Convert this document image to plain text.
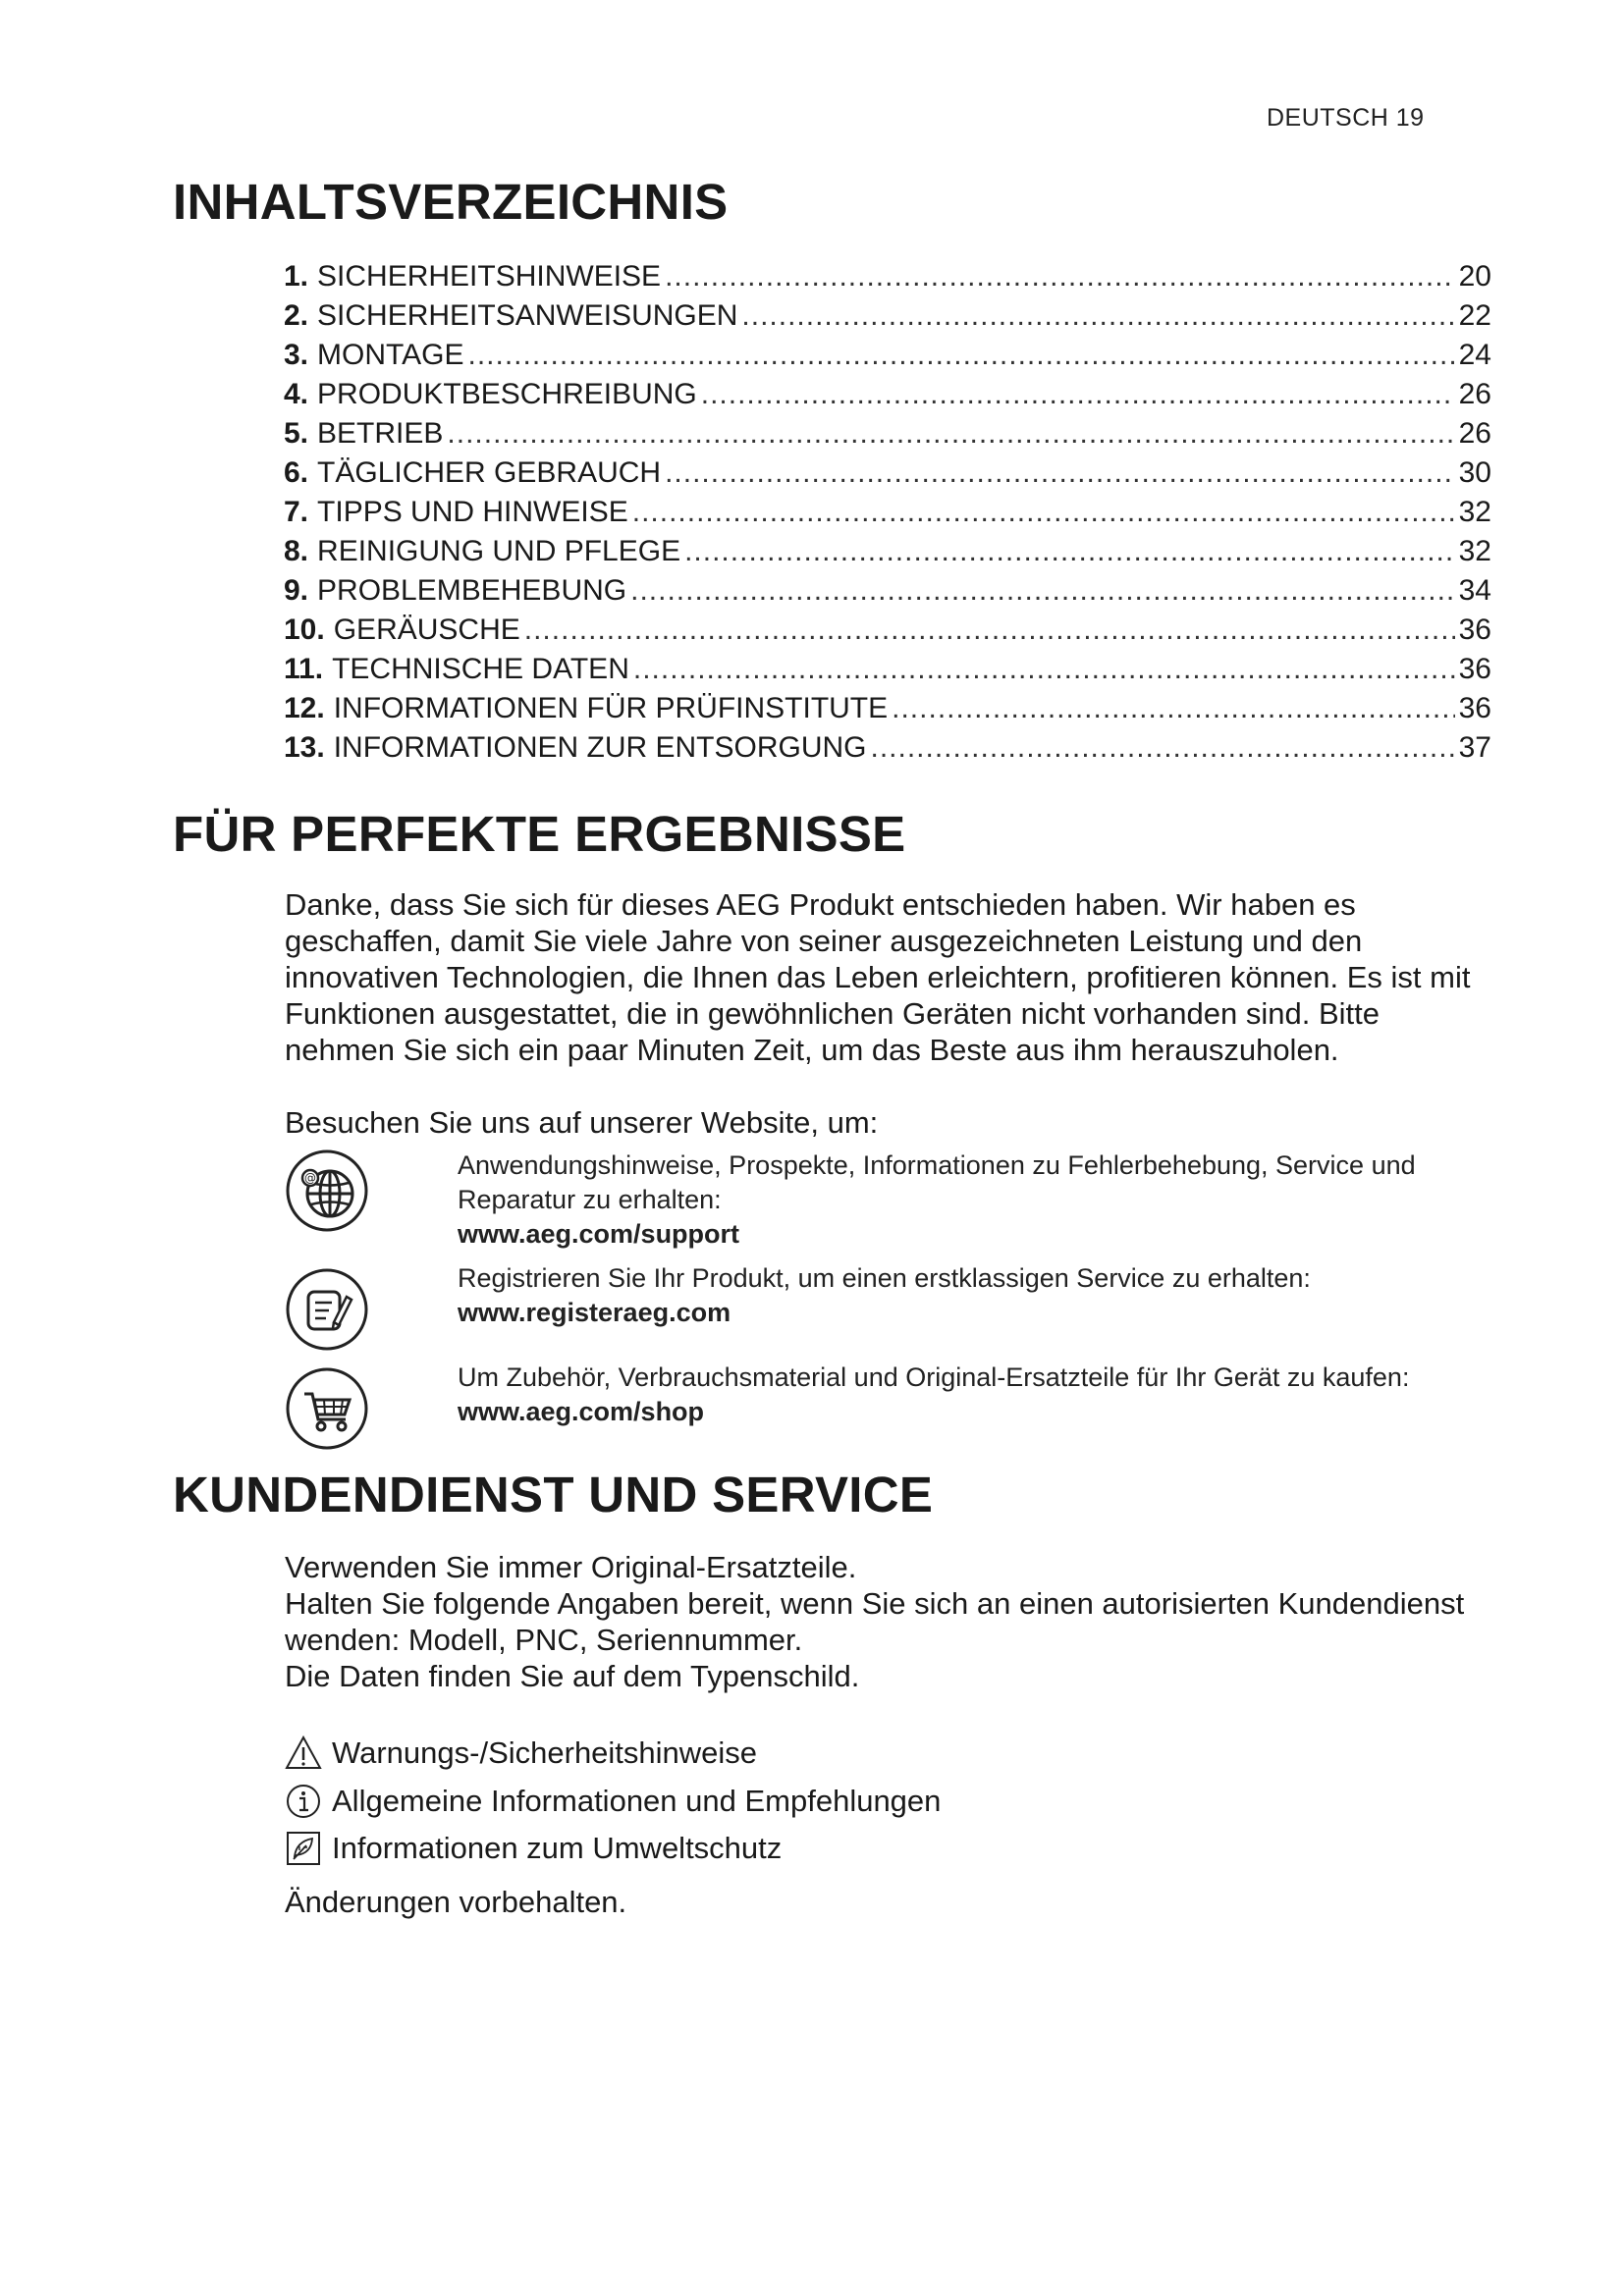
DEUTSCH 19
INHALTSVERZEICHNIS
1. SICHERHEITSHINWEISE .....	20
2. SICHERHEITSANWEISUNGEN .....	22
3. MONTAGE .....	24
4. PRODUKTBESCHREIBUNG .....	26
5. BETRIEB .....	26
6. TÄGLICHER GEBRAUCH .....	30
7. TIPPS UND HINWEISE .....	32
8. REINIGUNG UND PFLEGE .....	32
9. PROBLEMBEHEBUNG .....	34
10. GERÄUSCHE .....	36
11. TECHNISCHE DATEN .....	36
12. INFORMATIONEN FÜR PRÜFINSTITUTE .....	36
13. INFORMATIONEN ZUR ENTSORGUNG .....	37
FÜR PERFEKTE ERGEBNISSE
Danke, dass Sie sich für dieses AEG Produkt entschieden haben. Wir haben es geschaffen, damit Sie viele Jahre von seiner ausgezeichneten Leistung und den innovativen Technologien, die Ihnen das Leben erleichtern, profitieren können. Es ist mit Funktionen ausgestattet, die in gewöhnlichen Geräten nicht vorhanden sind. Bitte nehmen Sie sich ein paar Minuten Zeit, um das Beste aus ihm herauszuholen.
Besuchen Sie uns auf unserer Website, um:
@	Anwendungshinweise, Prospekte, Informationen zu Fehlerbehebung, Service und Reparatur zu erhalten:
www.aeg.com/support
Registrieren Sie Ihr Produkt, um einen erstklassigen Service zu erhalten:
www.registeraeg.com
Um Zubehör, Verbrauchsmaterial und Original-Ersatzteile für Ihr Gerät zu kaufen:
www.aeg.com/shop
KUNDENDIENST UND SERVICE
Verwenden Sie immer Original-Ersatzteile.
Halten Sie folgende Angaben bereit, wenn Sie sich an einen autorisierten Kundendienst wenden: Modell, PNC, Seriennummer.
Die Daten finden Sie auf dem Typenschild.
Warnungs-/Sicherheitshinweise
Allgemeine Informationen und Empfehlungen
Informationen zum Umweltschutz
Änderungen vorbehalten.
